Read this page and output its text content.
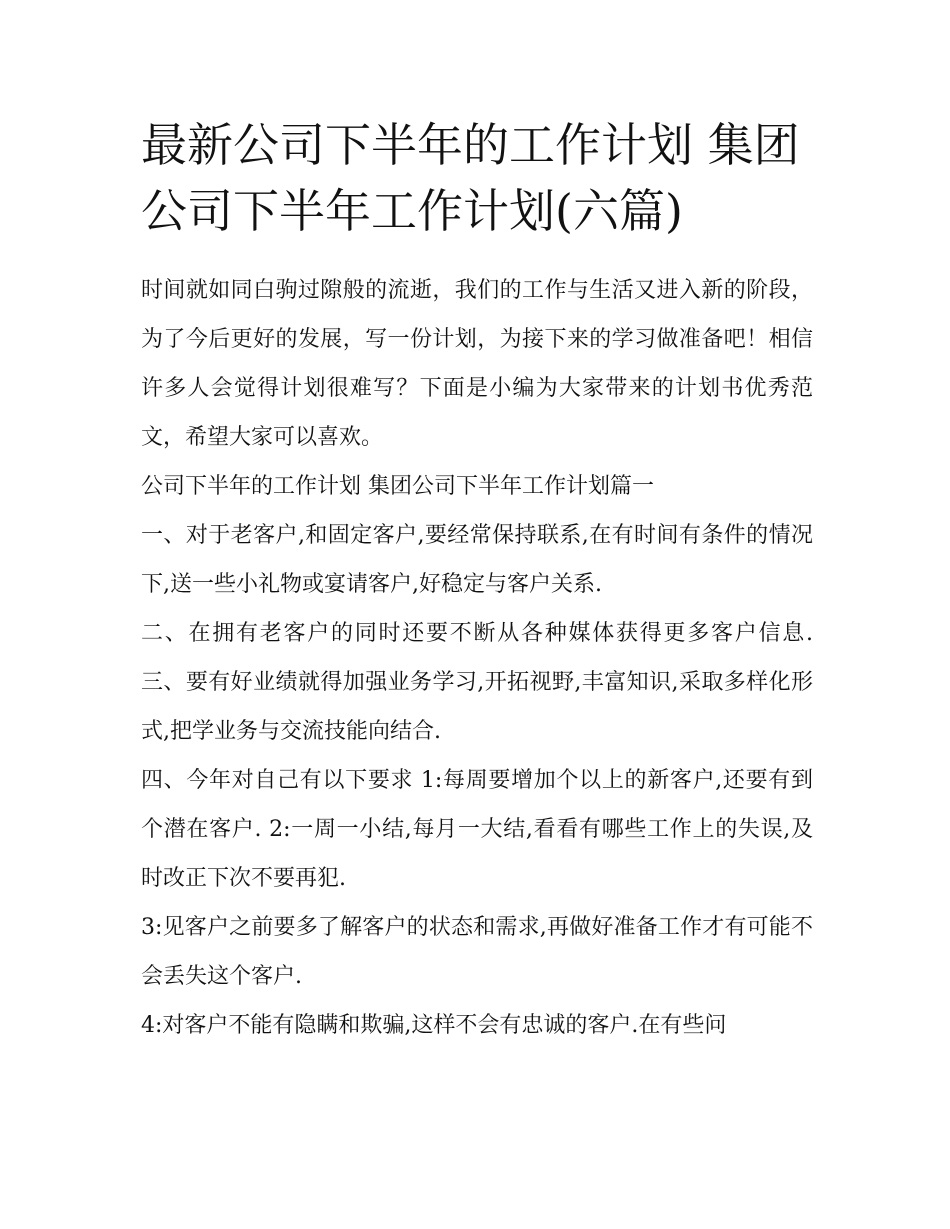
最新公司下半年的工作计划 集团公司下半年工作计划(六篇)

时间就如同白驹过隙般的流逝，我们的工作与生活又进入新的阶段，为了今后更好的发展，写一份计划，为接下来的学习做准备吧！相信许多人会觉得计划很难写？下面是小编为大家带来的计划书优秀范文，希望大家可以喜欢。

公司下半年的工作计划 集团公司下半年工作计划篇一

一、对于老客户,和固定客户,要经常保持联系,在有时间有条件的情况下,送一些小礼物或宴请客户,好稳定与客户关系.

二、在拥有老客户的同时还要不断从各种媒体获得更多客户信息. 三、要有好业绩就得加强业务学习,开拓视野,丰富知识,采取多样化形式,把学业务与交流技能向结合.

四、今年对自己有以下要求 1:每周要增加个以上的新客户,还要有到个潜在客户. 2:一周一小结,每月一大结,看看有哪些工作上的失误,及时改正下次不要再犯.

3:见客户之前要多了解客户的状态和需求,再做好准备工作才有可能不会丢失这个客户.

4:对客户不能有隐瞒和欺骗,这样不会有忠诚的客户.在有些问
